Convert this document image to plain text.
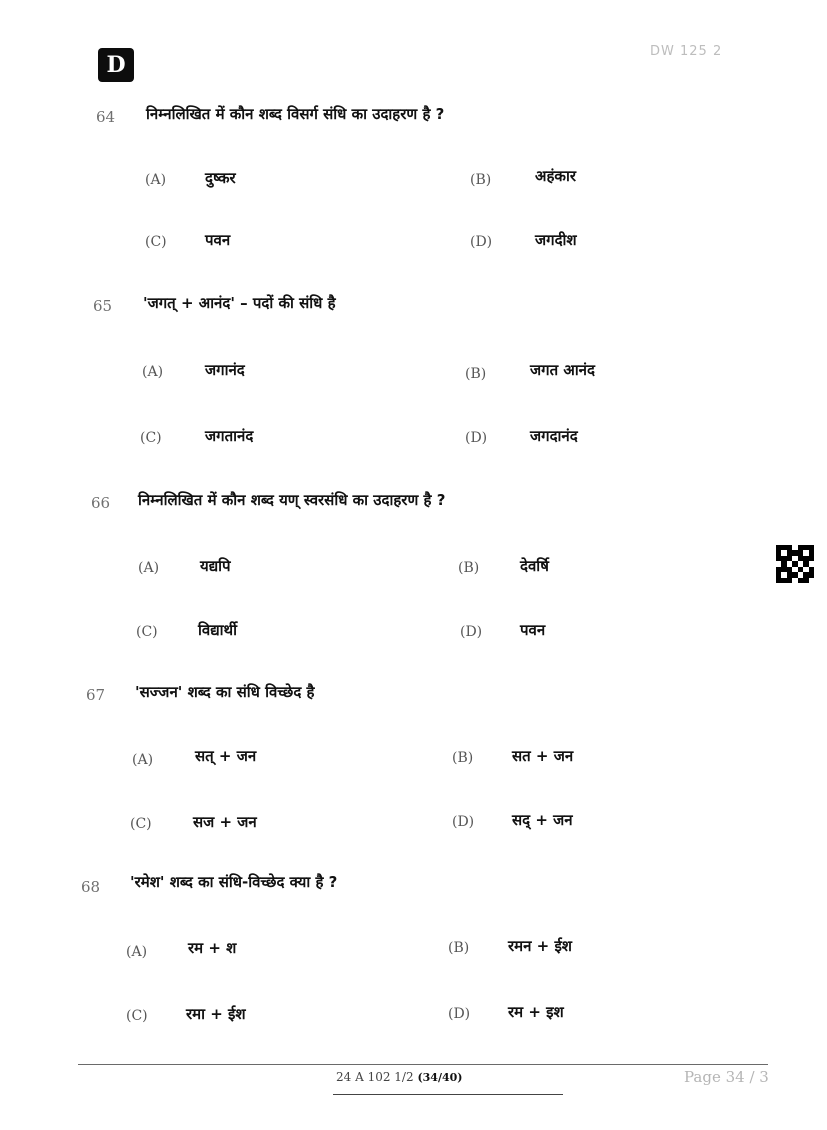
D
DW 125 2
64 निम्नलिखित में कौन शब्द विसर्ग संधि का उदाहरण है ?
(A)	दुष्कर	(B)	अहंकार
(C)	पवन	(D)	जगदीश
65 'जगत् + आनंद' – पदों की संधि है
(A)	जगानंद	(B)	जगत आनंद
(C)	जगतानंद	(D)	जगदानंद
66 निम्नलिखित में कौन शब्द यण् स्वरसंधि का उदाहरण है ?
(A)	यद्यपि	(B)	देवर्षि
(C)	विद्यार्थी	(D)	पवन
67 'सज्जन' शब्द का संधि विच्छेद है
(A)	सत् + जन	(B)	सत + जन
(C)	सज + जन	(D)	सद् + जन
68 'रमेश' शब्द का संधि-विच्छेद क्या है ?
(A)	रम + श	(B)	रमन + ईश
(C)	रमा + ईश	(D)	रम + इश
24 A 102 1/2 (34/40)	Page 34 / 3
